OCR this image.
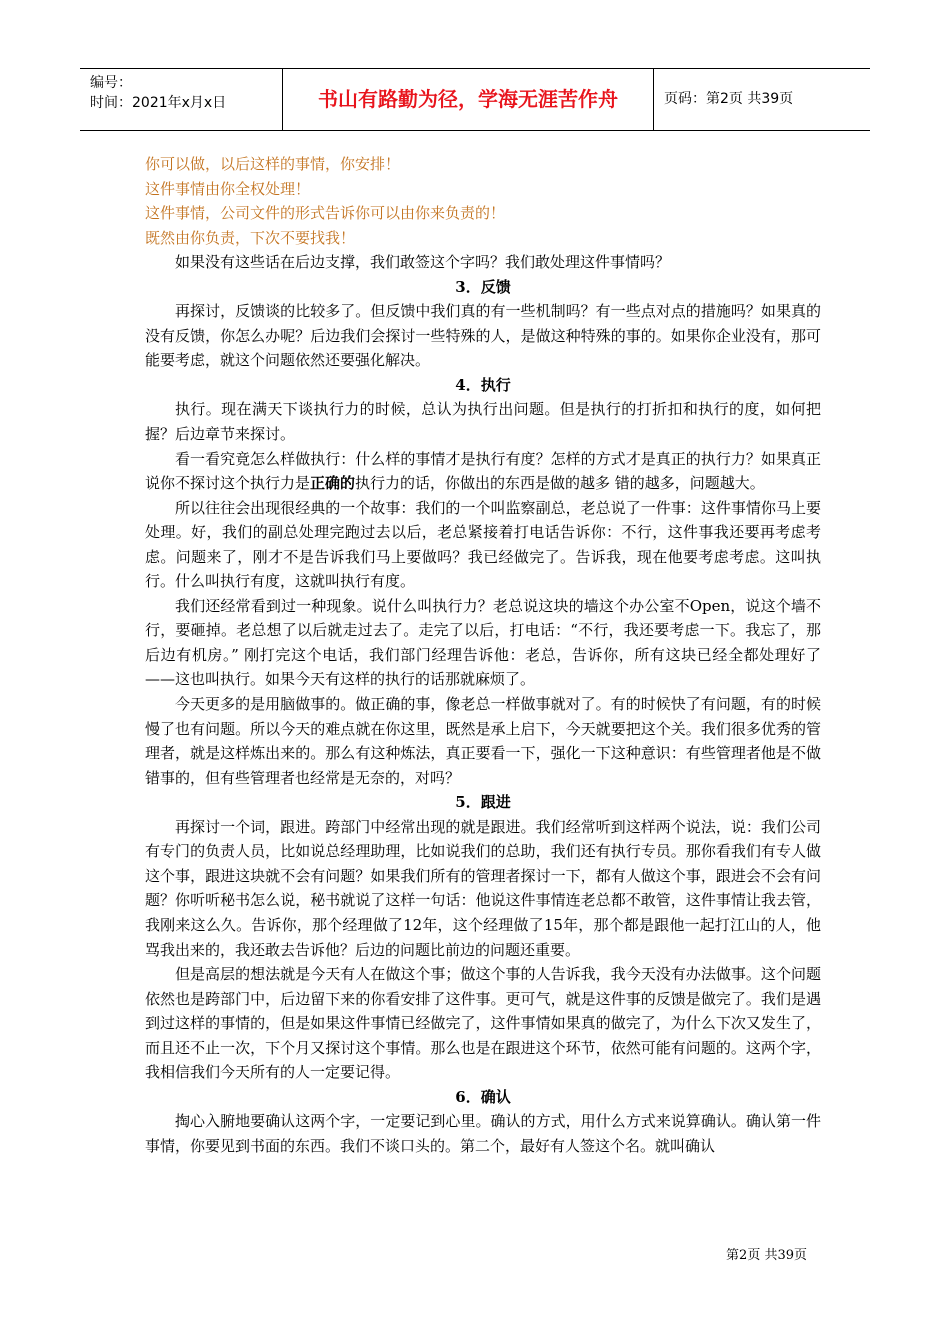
编号：
时间：2021年x月x日	书山有路勤为径，学海无涯苦作舟	页码：第2页 共39页

你可以做，以后这样的事情，你安排！

这件事情由你全权处理！

这件事情，公司文件的形式告诉你可以由你来负责的！

既然由你负责，下次不要找我！

如果没有这些话在后边支撑，我们敢签这个字吗？我们敢处理这件事情吗？

3．反馈

再探讨，反馈谈的比较多了。但反馈中我们真的有一些机制吗？有一些点对点的措施吗？如果真的没有反馈，你怎么办呢？后边我们会探讨一些特殊的人，是做这种特殊的事的。如果你企业没有，那可能要考虑，就这个问题依然还要强化解决。

4．执行

执行。现在满天下谈执行力的时候，总认为执行出问题。但是执行的打折扣和执行的度，如何把握？后边章节来探讨。

看一看究竟怎么样做执行：什么样的事情才是执行有度？怎样的方式才是真正的执行力？如果真正说你不探讨这个执行力是正确的执行力的话，你做出的东西是做的越多 错的越多，问题越大。

所以往往会出现很经典的一个故事：我们的一个叫监察副总，老总说了一件事：这件事情你马上要处理。好，我们的副总处理完跑过去以后，老总紧接着打电话告诉你：不行，这件事我还要再考虑考虑。问题来了，刚才不是告诉我们马上要做吗？我已经做完了。告诉我，现在他要考虑考虑。这叫执行。什么叫执行有度，这就叫执行有度。

我们还经常看到过一种现象。说什么叫执行力？老总说这块的墙这个办公室不Open，说这个墙不行，要砸掉。老总想了以后就走过去了。走完了以后，打电话：“不行，我还要考虑一下。我忘了，那后边有机房。” 刚打完这个电话，我们部门经理告诉他：老总，告诉你，所有这块已经全都处理好了——这也叫执行。如果今天有这样的执行的话那就麻烦了。

今天更多的是用脑做事的。做正确的事，像老总一样做事就对了。有的时候快了有问题，有的时候慢了也有问题。所以今天的难点就在你这里，既然是承上启下，今天就要把这个关。我们很多优秀的管理者，就是这样炼出来的。那么有这种炼法，真正要看一下，强化一下这种意识：有些管理者他是不做错事的，但有些管理者也经常是无奈的，对吗？

5．跟进

再探讨一个词，跟进。跨部门中经常出现的就是跟进。我们经常听到这样两个说法，说：我们公司有专门的负责人员，比如说总经理助理，比如说我们的总助，我们还有执行专员。那你看我们有专人做这个事，跟进这块就不会有问题？如果我们所有的管理者探讨一下，都有人做这个事，跟进会不会有问题？你听听秘书怎么说，秘书就说了这样一句话：他说这件事情连老总都不敢管，这件事情让我去管，我刚来这么久。告诉你，那个经理做了12年，这个经理做了15年，那个都是跟他一起打江山的人，他骂我出来的，我还敢去告诉他？后边的问题比前边的问题还重要。

但是高层的想法就是今天有人在做这个事；做这个事的人告诉我，我今天没有办法做事。这个问题依然也是跨部门中，后边留下来的你看安排了这件事。更可气，就是这件事的反馈是做完了。我们是遇到过这样的事情的，但是如果这件事情已经做完了，这件事情如果真的做完了，为什么下次又发生了，而且还不止一次，下个月又探讨这个事情。那么也是在跟进这个环节，依然可能有问题的。这两个字，我相信我们今天所有的人一定要记得。

6．确认

掏心入腑地要确认这两个字，一定要记到心里。确认的方式，用什么方式来说算确认。确认第一件事情，你要见到书面的东西。我们不谈口头的。第二个，最好有人签这个名。就叫确认

第2页 共39页
